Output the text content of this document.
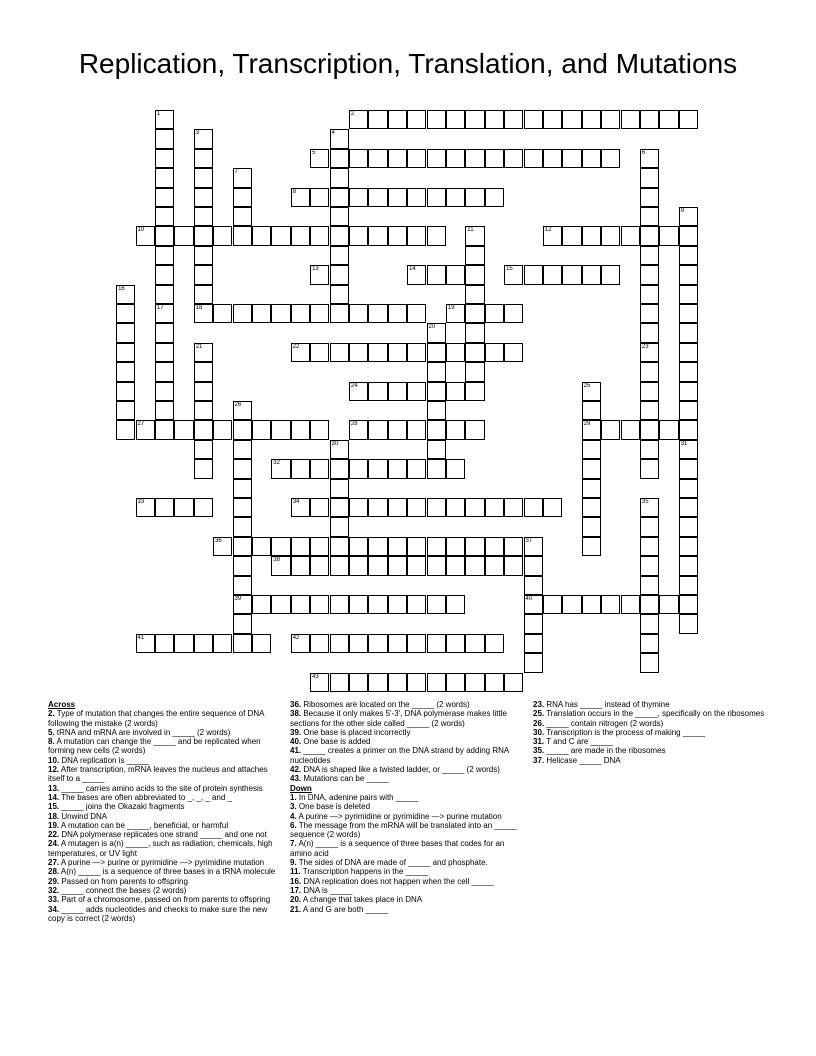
Replication, Transcription, Translation, and Mutations
2
10	12
5
8
13	14	15
18	19
22
24
27	28	29
32
33	34
36
38
39	40
41	42
43
1
17
3	4
6
23
7
9
31
11
16
20
21
25
26
30
35
37
Across
2. Type of mutation that changes the entire sequence of DNA following the mistake (2 words)
5. tRNA and mRNA are involved in _____ (2 words)
8. A mutation can change the _____ and be replicated when forming new cells (2 words)
10. DNA replication is _____
12. After transcription, mRNA leaves the nucleus and attaches itself to a _____
13. _____ carries amino acids to the site of protein synthesis
14. The bases are often abbreviated to _, _, _ and _
15. _____ joins the Okazaki fragments
18. Unwind DNA
19. A mutation can be _____, beneficial, or harmful
22. DNA polymerase replicates one strand _____ and one not
24. A mutagen is a(n) _____, such as radiation, chemicals, high temperatures, or UV light
27. A purine —> purine or pyrimidine —> pyrimidine mutation
28. A(n) _____ is a sequence of three bases in a tRNA molecule
29. Passed on from parents to offspring
32. _____ connect the bases (2 words)
33. Part of a chromosome, passed on from parents to offspring
34. _____ adds nucleotides and checks to make sure the new copy is correct (2 words)
36. Ribosomes are located on the _____ (2 words)
38. Because it only makes 5'-3', DNA polymerase makes little sections for the other side called _____ (2 words)
39. One base is placed incorrectly
40. One base is added
41. _____ creates a primer on the DNA strand by adding RNA nucleotides
42. DNA is shaped like a twisted ladder, or _____ (2 words)
43. Mutations can be _____
Down
1. In DNA, adenine pairs with _____
3. One base is deleted
4. A purine —> pyrimidine or pyrimidine —> purine mutation
6. The message from the mRNA will be translated into an _____ sequence (2 words)
7. A(n) _____ is a sequence of three bases that codes for an amino acid
9. The sides of DNA are made of _____ and phosphate.
11. Transcription happens in the _____
16. DNA replication does not happen when the cell _____
17. DNA is _____
20. A change that takes place in DNA
21. A and G are both _____
23. RNA has _____ instead of thymine
25. Translation occurs in the _____, specifically on the ribosomes
26. _____ contain nitrogen (2 words)
30. Transcription is the process of making _____
31. T and C are _____
35. _____ are made in the ribosomes
37. Helicase _____ DNA
